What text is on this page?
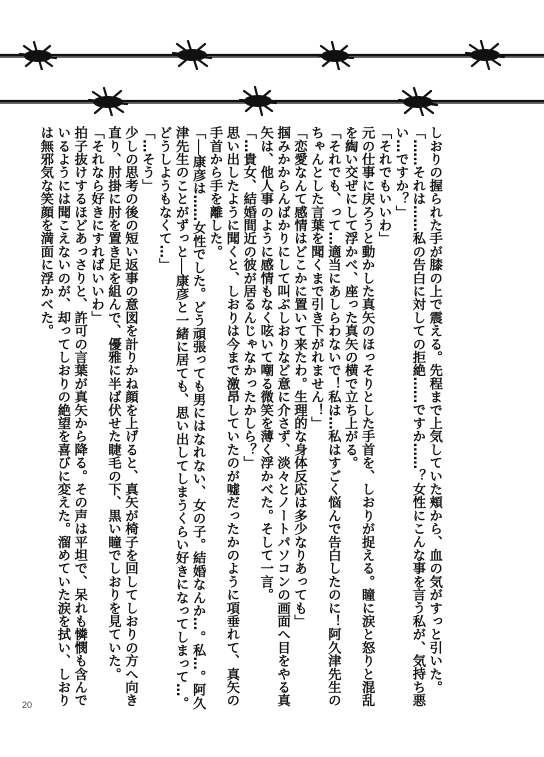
しおりの握られた手が膝の上で震える。先程まで上気していた頬から、血の気がすっと引いた。

「……それは……私の告白に対しての拒絶……ですか……？女性にこんな事を言う私が、気持ち悪い…ですか？」

「それでもいいわ」

元の仕事に戻ろうと動かした真矢のほっそりとした手首を、しおりが捉える。瞳に涙と怒りと混乱を綯い交ぜにして浮かべ、座った真矢の横で立ち上がる。

「それでも、って…適当にあしらわないで！私は…私はすごく悩んで告白したのに！阿久津先生のちゃんとした言葉を聞くまで引き下がれません！」

「恋愛なんて感情はどこかに置いて来たわ。生理的な身体反応は多少なりあっても」

掴みかからんばかりにして叫ぶしおりなど意に介さず、淡々とノートパソコンの画面へ目をやる真矢は、他人事のように感情もなく呟いて嘲る微笑を薄く浮かべた。そして一言。

「…貴女、結婚間近の彼が居るんじゃなかったかしら？」

思い出したように聞くと、しおりは今まで激昂していたのが嘘だったかのように項垂れて、真矢の手首から手を離した。

「──康彦は……女性でした。どう頑張っても男にはなれない、女の子。結婚なんか…。私…。阿久津先生のことがずっと──康彦と一緒に居ても、思い出してしまうくらい好きになってしまって…。どうしようもなくて…」

「…そう」

少しの思考の後の短い返事の意図を計りかね顔を上げると、真矢が椅子を回してしおりの方へ向き直り、肘掛に肘を置き足を組んで、優雅に半ば伏せた睫毛の下、黒い瞳でしおりを見ていた。

「それなら好きにすればいいわ」

拍子抜けするほどあっさりと、許可の言葉が真矢から降る。その声は平坦で、呆れも憐憫も含んでいるようには聞こえないのが、却ってしおりの絶望を喜びに変えた。溜めていた涙を拭い、しおりは無邪気な笑顔を満面に浮かべた。

20
